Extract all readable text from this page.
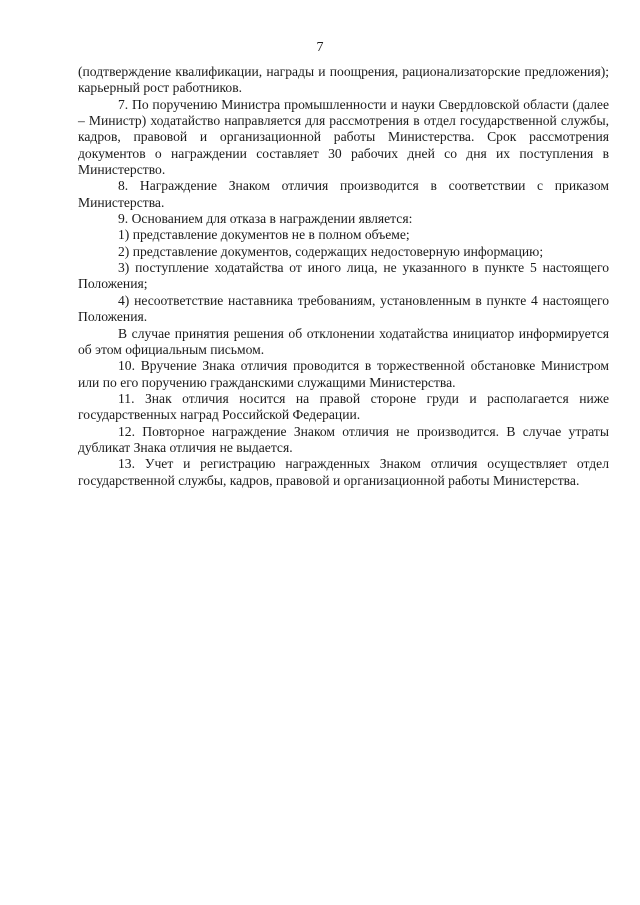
7

(подтверждение квалификации, награды и поощрения, рационализаторские предложения); карьерный рост работников.

7. По поручению Министра промышленности и науки Свердловской области (далее – Министр) ходатайство направляется для рассмотрения в отдел государственной службы, кадров, правовой и организационной работы Министерства. Срок рассмотрения документов о награждении составляет 30 рабочих дней со дня их поступления в Министерство.

8. Награждение Знаком отличия производится в соответствии с приказом Министерства.

9. Основанием для отказа в награждении является:

1) представление документов не в полном объеме;

2) представление документов, содержащих недостоверную информацию;

3) поступление ходатайства от иного лица, не указанного в пункте 5 настоящего Положения;

4) несоответствие наставника требованиям, установленным в пункте 4 настоящего Положения.

В случае принятия решения об отклонении ходатайства инициатор информируется об этом официальным письмом.

10. Вручение Знака отличия проводится в торжественной обстановке Министром или по его поручению гражданскими служащими Министерства.

11. Знак отличия носится на правой стороне груди и располагается ниже государственных наград Российской Федерации.

12. Повторное награждение Знаком отличия не производится. В случае утраты дубликат Знака отличия не выдается.

13. Учет и регистрацию награжденных Знаком отличия осуществляет отдел государственной службы, кадров, правовой и организационной работы Министерства.
